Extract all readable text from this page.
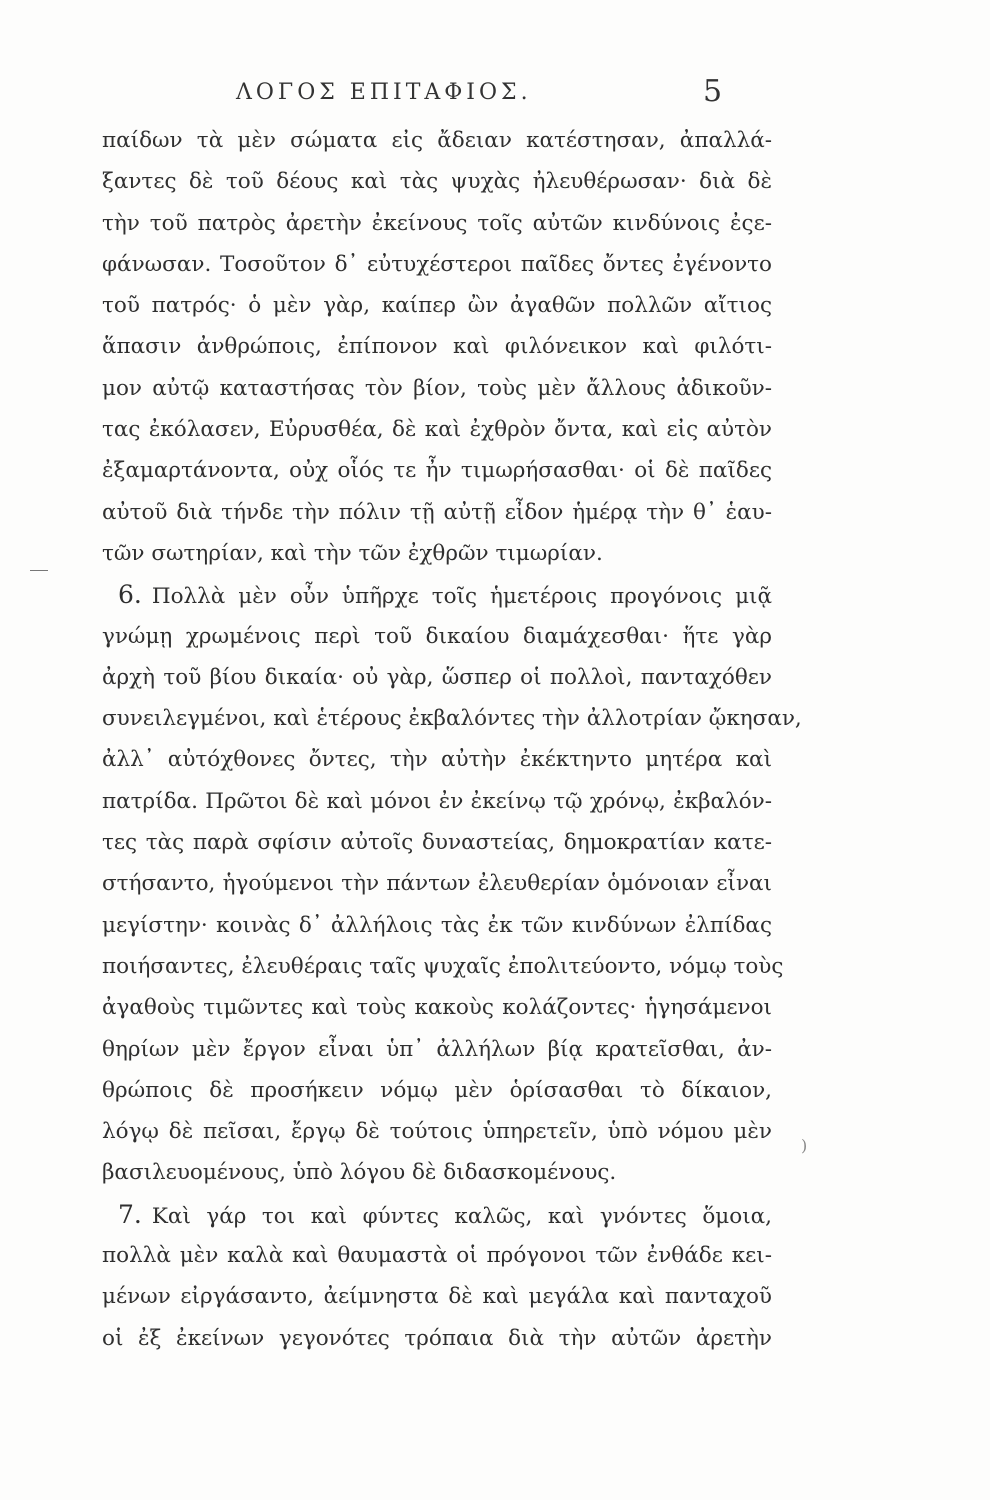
ΛΟΓΟΣ ΕΠΙΤΑΦΙΟΣ.	5
)
παίδων τὰ μὲν σώματα εἰς ἄδειαν κατέστησαν, ἀπαλλά-
ξαντες δὲ τοῦ δέους καὶ τὰς ψυχὰς ἠλευθέρωσαν· διὰ δὲ
τὴν τοῦ πατρὸς ἀρετὴν ἐκείνους τοῖς αὐτῶν κινδύνοις ἐςε-
φάνωσαν. Τοσοῦτον δ᾽ εὐτυχέστεροι παῖδες ὄντες ἐγένοντο
τοῦ πατρός· ὁ μὲν γὰρ, καίπερ ὢν ἀγαθῶν πολλῶν αἴτιος
ἅπασιν ἀνθρώποις, ἐπίπονον καὶ φιλόνεικον καὶ φιλότι-
μον αὐτῷ καταστήσας τὸν βίον, τοὺς μὲν ἄλλους ἀδικοῦν-
τας ἐκόλασεν, Εὐρυσθέα, δὲ καὶ ἐχθρὸν ὄντα, καὶ εἰς αὐτὸν
ἐξαμαρτάνοντα, οὐχ οἷός τε ἦν τιμωρήσασθαι· οἱ δὲ παῖδες
αὐτοῦ διὰ τήνδε τὴν πόλιν τῇ αὐτῇ εἶδον ἡμέρᾳ τὴν θ᾽ ἑαυ-
τῶν σωτηρίαν, καὶ τὴν τῶν ἐχθρῶν τιμωρίαν.
6. Πολλὰ μὲν οὖν ὑπῆρχε τοῖς ἡμετέροις προγόνοις μιᾷ
γνώμῃ χρωμένοις περὶ τοῦ δικαίου διαμάχεσθαι· ἥτε γὰρ
ἀρχὴ τοῦ βίου δικαία· οὐ γὰρ, ὥσπερ οἱ πολλοὶ, πανταχόθεν
συνειλεγμένοι, καὶ ἑτέρους ἐκβαλόντες τὴν ἀλλοτρίαν ᾤκησαν,
ἀλλ᾽ αὐτόχθονες ὄντες, τὴν αὐτὴν ἐκέκτηντο μητέρα καὶ
πατρίδα. Πρῶτοι δὲ καὶ μόνοι ἐν ἐκείνῳ τῷ χρόνῳ, ἐκβαλόν-
τες τὰς παρὰ σφίσιν αὐτοῖς δυναστείας, δημοκρατίαν κατε-
στήσαντο, ἡγούμενοι τὴν πάντων ἐλευθερίαν ὁμόνοιαν εἶναι
μεγίστην· κοινὰς δ᾽ ἀλλήλοις τὰς ἐκ τῶν κινδύνων ἐλπίδας
ποιήσαντες, ἐλευθέραις ταῖς ψυχαῖς ἐπολιτεύοντο, νόμῳ τοὺς
ἀγαθοὺς τιμῶντες καὶ τοὺς κακοὺς κολάζοντες· ἡγησάμενοι
θηρίων μὲν ἔργον εἶναι ὑπ᾽ ἀλλήλων βίᾳ κρατεῖσθαι, ἀν-
θρώποις δὲ προσήκειν νόμῳ μὲν ὁρίσασθαι τὸ δίκαιον,
λόγῳ δὲ πεῖσαι, ἔργῳ δὲ τούτοις ὑπηρετεῖν, ὑπὸ νόμου μὲν
βασιλευομένους, ὑπὸ λόγου δὲ διδασκομένους.
7. Καὶ γάρ τοι καὶ φύντες καλῶς, καὶ γνόντες ὅμοια,
πολλὰ μὲν καλὰ καὶ θαυμαστὰ οἱ πρόγονοι τῶν ἐνθάδε κει-
μένων εἰργάσαντο, ἀείμνηστα δὲ καὶ μεγάλα καὶ πανταχοῦ
οἱ ἐξ ἐκείνων γεγονότες τρόπαια διὰ τὴν αὐτῶν ἀρετὴν
